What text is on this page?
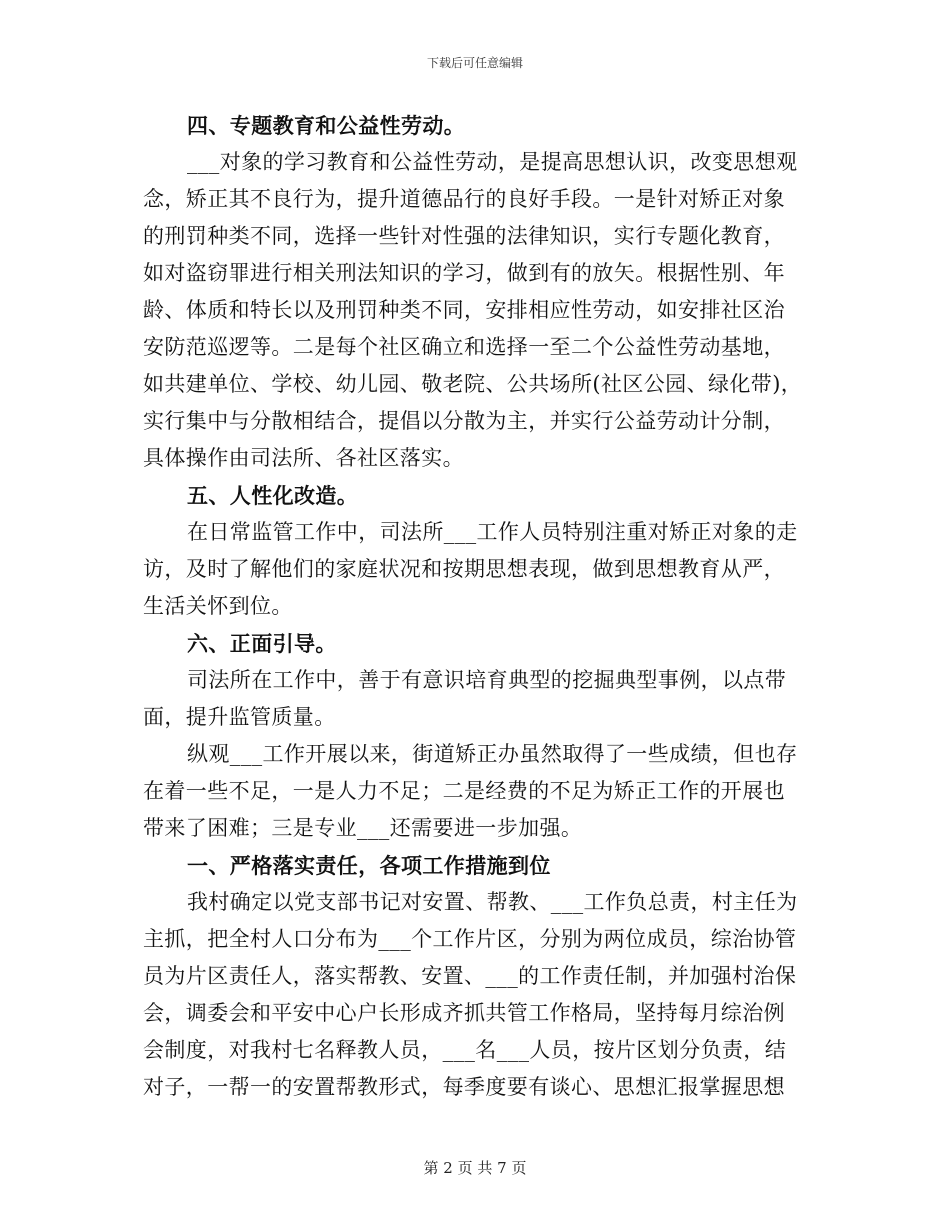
下载后可任意编辑
四、专题教育和公益性劳动。
___对象的学习教育和公益性劳动，是提高思想认识，改变思想观
念，矫正其不良行为，提升道德品行的良好手段。一是针对矫正对象
的刑罚种类不同，选择一些针对性强的法律知识，实行专题化教育，
如对盗窃罪进行相关刑法知识的学习，做到有的放矢。根据性别、年
龄、体质和特长以及刑罚种类不同，安排相应性劳动，如安排社区治
安防范巡逻等。二是每个社区确立和选择一至二个公益性劳动基地，
如共建单位、学校、幼儿园、敬老院、公共场所(社区公园、绿化带)，
实行集中与分散相结合，提倡以分散为主，并实行公益劳动计分制，
具体操作由司法所、各社区落实。
五、人性化改造。
在日常监管工作中，司法所___工作人员特别注重对矫正对象的走
访，及时了解他们的家庭状况和按期思想表现，做到思想教育从严，
生活关怀到位。
六、正面引导。
司法所在工作中，善于有意识培育典型的挖掘典型事例，以点带
面，提升监管质量。
纵观___工作开展以来，街道矫正办虽然取得了一些成绩，但也存
在着一些不足，一是人力不足；二是经费的不足为矫正工作的开展也
带来了困难；三是专业___还需要进一步加强。
一、严格落实责任，各项工作措施到位
我村确定以党支部书记对安置、帮教、___工作负总责，村主任为
主抓，把全村人口分布为___个工作片区，分别为两位成员，综治协管
员为片区责任人，落实帮教、安置、___的工作责任制，并加强村治保
会，调委会和平安中心户长形成齐抓共管工作格局，坚持每月综治例
会制度，对我村七名释教人员，___名___人员，按片区划分负责，结
对子，一帮一的安置帮教形式，每季度要有谈心、思想汇报掌握思想
第 2 页 共 7 页
